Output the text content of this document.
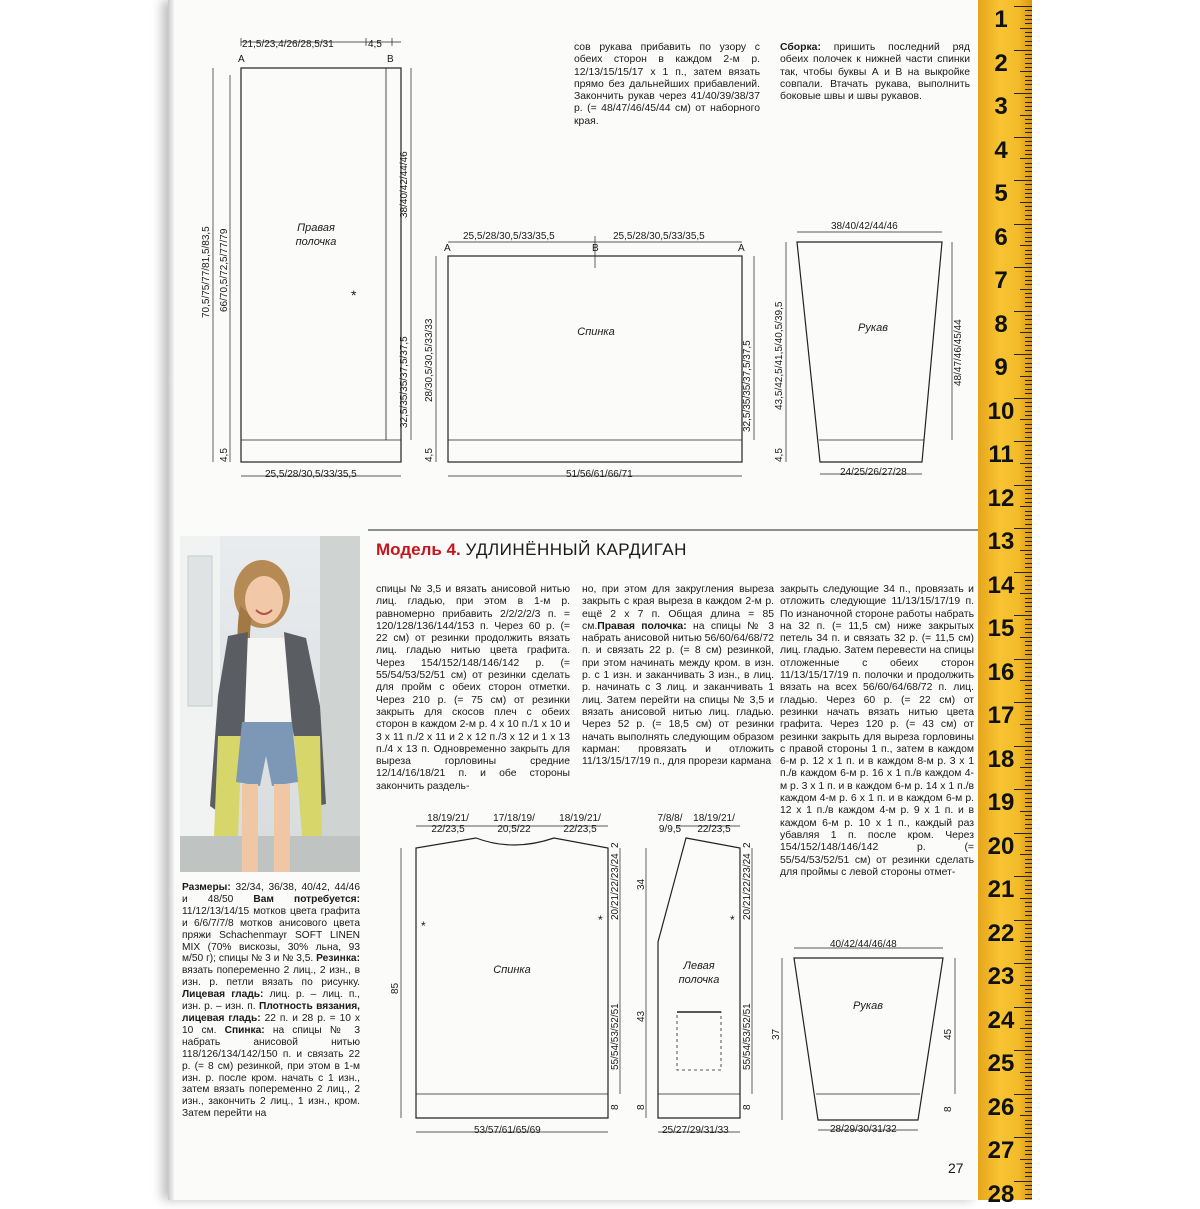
21,5/23,4/26/28,5/31	4,5
A	B
70,5/75/77/81,5/83,5 66/70,5/72,5/77/79
4,5
38/40/42/44/46
32,5/35/35/37,5/37,5
25,5/28/30,5/33/35,5
Правая
полочка
*
25,5/28/30,5/33/35,5	25,5/28/30,5/33/35,5
A	B	A
28/30,5/30,5/33/33
4,5
32,5/35/35/37,5/37,5
51/56/61/66/71
Спинка
38/40/42/44/46
43,5/42,5/41,5/40,5/39,5
4,5
48/47/46/45/44
24/25/26/27/28
Рукав
сов рукава прибавить по узору с обеих сторон в каждом 2-м р. 12/13/15/15/17 х 1 п., затем вязать прямо без дальнейших прибавлений. Закончить рукав через 41/40/39/38/37 р. (= 48/47/46/45/44 см) от наборного края.
Сборка: пришить последний ряд обеих полочек к нижней части спинки так, чтобы буквы А и В на выкройке совпали. Втачать рукава, выполнить боковые швы и швы рукавов.
Модель 4. УДЛИНЁННЫЙ КАРДИГАН
Размеры: 32/34, 36/38, 40/42, 44/46 и 48/50 Вам потребуется: 11/12/13/14/15 мотков цвета графита и 6/6/7/7/8 мотков анисового цвета пряжи Schachenmayr SOFT LINEN MIX (70% вискозы, 30% льна, 93 м/50 г); спицы № 3 и № 3,5. Резинка: вязать попеременно 2 лиц., 2 изн., в изн. р. петли вязать по рисунку. Лицевая гладь: лиц. р. – лиц. п., изн. р. – изн. п. Плотность вязания, лицевая гладь: 22 п. и 28 р. = 10 х 10 см. Спинка: на спицы № 3 набрать анисовой нитью 118/126/134/142/150 п. и связать 22 р. (= 8 см) резинкой, при этом в 1-м изн. р. после кром. начать с 1 изн., затем вязать попеременно 2 лиц., 2 изн., закончить 2 лиц., 1 изн., кром. Затем перейти на
спицы № 3,5 и вязать анисовой нитью лиц. гладью, при этом в 1-м р. равномерно прибавить 2/2/2/2/3 п. = 120/128/136/144/153 п. Через 60 р. (= 22 см) от резинки продолжить вязать лиц. гладью нитью цвета графита. Через 154/152/148/146/142 р. (= 55/54/53/52/51 см) от резинки сделать для пройм с обеих сторон отметки. Через 210 р. (= 75 см) от резинки закрыть для скосов плеч с обеих сторон в каждом 2-м р. 4 х 10 п./1 х 10 и 3 х 11 п./2 х 11 и 2 х 12 п./3 х 12 и 1 х 13 п./4 х 13 п. Одновременно закрыть для выреза горловины средние 12/14/16/18/21 п. и обе стороны закончить раздель-
но, при этом для закругления выреза закрыть с края выреза в каждом 2-м р. ещё 2 х 7 п. Общая длина = 85 см.Правая полочка: на спицы № 3 набрать анисовой нитью 56/60/64/68/72 п. и связать 22 р. (= 8 см) резинкой, при этом начинать между кром. в изн. р. с 1 изн. и заканчивать 3 изн., в лиц. р. начинать с 3 лиц. и заканчивать 1 лиц. Затем перейти на спицы № 3,5 и вязать анисовой нитью лиц. гладью. Через 52 р. (= 18,5 см) от резинки начать выполнять следующим образом карман: провязать и отложить 11/13/15/17/19 п., для прорези кармана
закрыть следующие 34 п., провязать и отложить следующие 11/13/15/17/19 п. По изнаночной стороне работы набрать на 32 п. (= 11,5 см) ниже закрытых петель 34 п. и связать 32 р. (= 11,5 см) лиц. гладью. Затем перевести на спицы отложенные с обеих сторон 11/13/15/17/19 п. полочки и продолжить вязать на всех 56/60/64/68/72 п. лиц. гладью. Через 60 р. (= 22 см) от резинки начать вязать нитью цвета графита. Через 120 р. (= 43 см) от резинки закрыть для выреза горловины с правой стороны 1 п., затем в каждом 6-м р. 12 х 1 п. и в каждом 8-м р. 3 х 1 п./в каждом 6-м р. 16 х 1 п./в каждом 4-м р. 3 х 1 п. и в каждом 6-м р. 14 х 1 п./в каждом 4-м р. 6 х 1 п. и в каждом 6-м р. 12 х 1 п./в каждом 4-м р. 9 х 1 п. и в каждом 6-м р. 10 х 1 п., каждый раз убавляя 1 п. после кром. Через 154/152/148/146/142 р. (= 55/54/53/52/51 см) от резинки сделать для проймы с левой стороны отмет-
18/19/21/
22/23,5
17/18/19/
20,5/22
18/19/21/
22/23,5
2
85
20/21/22/23/24
55/54/53/52/51
8
53/57/61/65/69
Спинка
*	*
7/8/8/
9/9,5
18/19/21/
22/23,5
34
43
8
2
20/21/22/23/24
55/54/53/52/51
8
25/27/29/31/33
Левая
полочка
*
40/42/44/46/48
37	45
8
28/29/30/31/32
Рукав
27
1
2
3
4
5
6
7
8
9
10
11
12
13
14
15
16
17
18
19
20
21
22
23
24
25
26
27
28
